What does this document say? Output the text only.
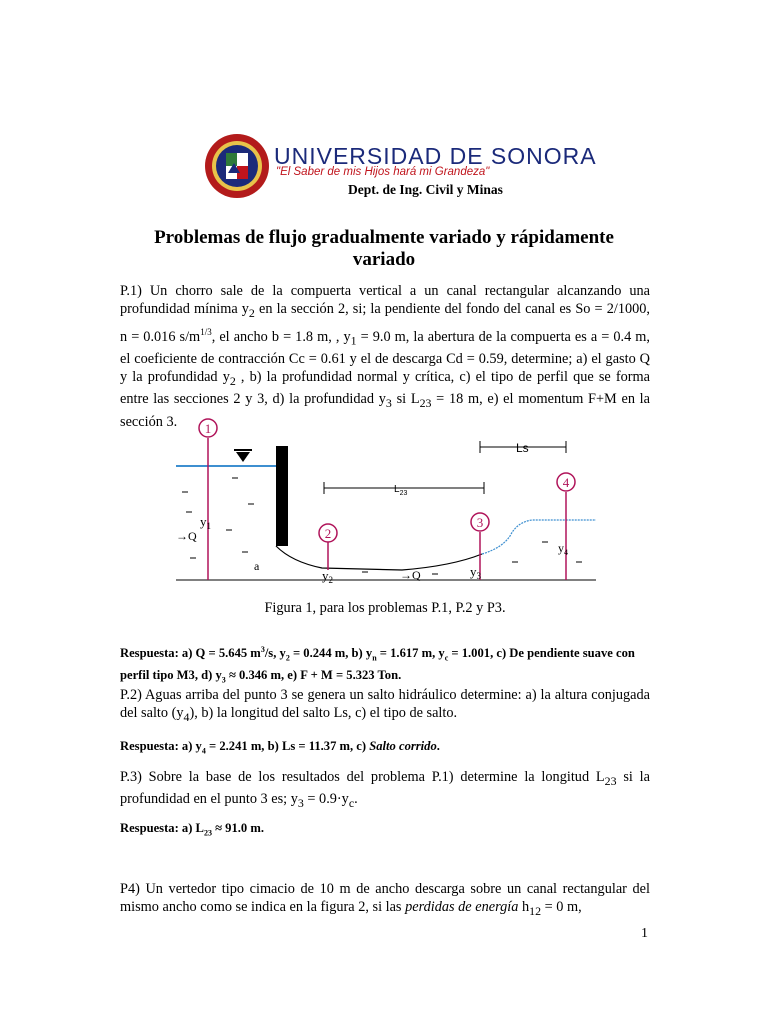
UNIVERSIDAD DE SONORA
"El Saber de mis Hijos hará mi Grandeza"
Dept. de Ing. Civil y Minas
Problemas de flujo gradualmente variado y rápidamente
variado
P.1) Un chorro sale de la compuerta vertical a un canal rectangular alcanzando una profundidad mínima $y_2$ en la sección 2, si; la pendiente del fondo del canal es So = 2/1000, n = 0.016 $s/m^{1/3}$, el ancho b = 1.8 m, , $y_1 = 9.0$ m, la abertura de la compuerta es a = 0.4 m, el coeficiente de contracción Cc = 0.61 y el de descarga Cd = 0.59, determine; a) el gasto Q y la profundidad $y_2$ , b) la profundidad normal y crítica, c) el tipo de perfil que se forma entre las secciones 2 y 3, d) la profundidad $y_3$ si $L_{23} = 18$ m, e) el momentum F+M en la sección 3.	1
2
3
4
Ls
$L_{23}$
$y_1$
$y_2$
$y_3$
$y_4$
→Q
→Q
a
Figura 1, para los problemas P.1, P.2 y P3.
Respuesta: a) Q = 5.645 $m^3/s$, $y_2 = 0.244$ m, b) $y_n = 1.617$ m, $y_c = 1.001$, c) De pendiente suave con perfil tipo M3, d) $y_3 \approx 0.346$ m, e) F + M = 5.323 Ton.
P.2) Aguas arriba del punto 3 se genera un salto hidráulico determine: a) la altura conjugada del salto $(y_4)$, b) la longitud del salto Ls, c) el tipo de salto.
Respuesta: a) $y_4 = 2.241$ m, b) Ls = 11.37 m, c) Salto corrido.
P.3) Sobre la base de los resultados del problema P.1) determine la longitud $L_{23}$ si la profundidad en el punto 3 es; $y_3 = 0.9\cdot y_c$.
Respuesta: a) $L_{23} \approx 91.0$ m.
P4) Un vertedor tipo cimacio de 10 m de ancho descarga sobre un canal rectangular del mismo ancho como se indica en la figura 2, si las perdidas de energía $h_{12} = 0$ m,
1
